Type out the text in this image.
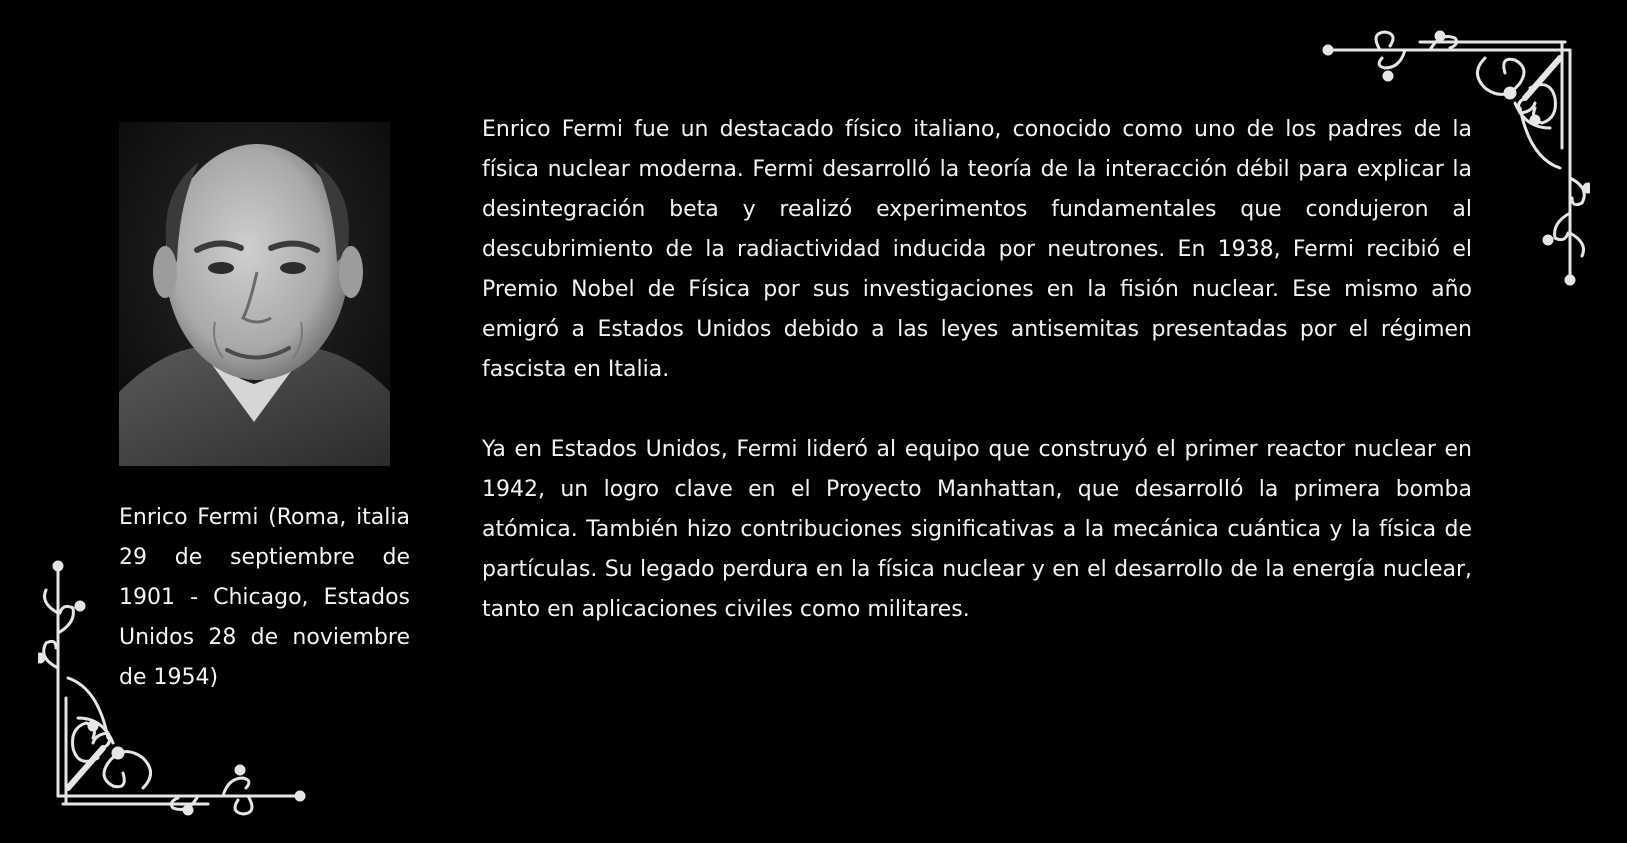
Enrico Fermi (Roma, italia 29 de septiembre de 1901 - Chicago, Estados Unidos 28 de noviembre de 1954)

Enrico Fermi fue un destacado físico italiano, conocido como uno de los padres de la física nuclear moderna. Fermi desarrolló la teoría de la interacción débil para explicar la desintegración beta y realizó experimentos fundamentales que condujeron al descubrimiento de la radiactividad inducida por neutrones. En 1938, Fermi recibió el Premio Nobel de Física por sus investigaciones en la fisión nuclear. Ese mismo año emigró a Estados Unidos debido a las leyes antisemitas presentadas por el régimen fascista en Italia.

Ya en Estados Unidos, Fermi lideró al equipo que construyó el primer reactor nuclear en 1942, un logro clave en el Proyecto Manhattan, que desarrolló la primera bomba atómica. También hizo contribuciones significativas a la mecánica cuántica y la física de partículas. Su legado perdura en la física nuclear y en el desarrollo de la energía nuclear, tanto en aplicaciones civiles como militares.
